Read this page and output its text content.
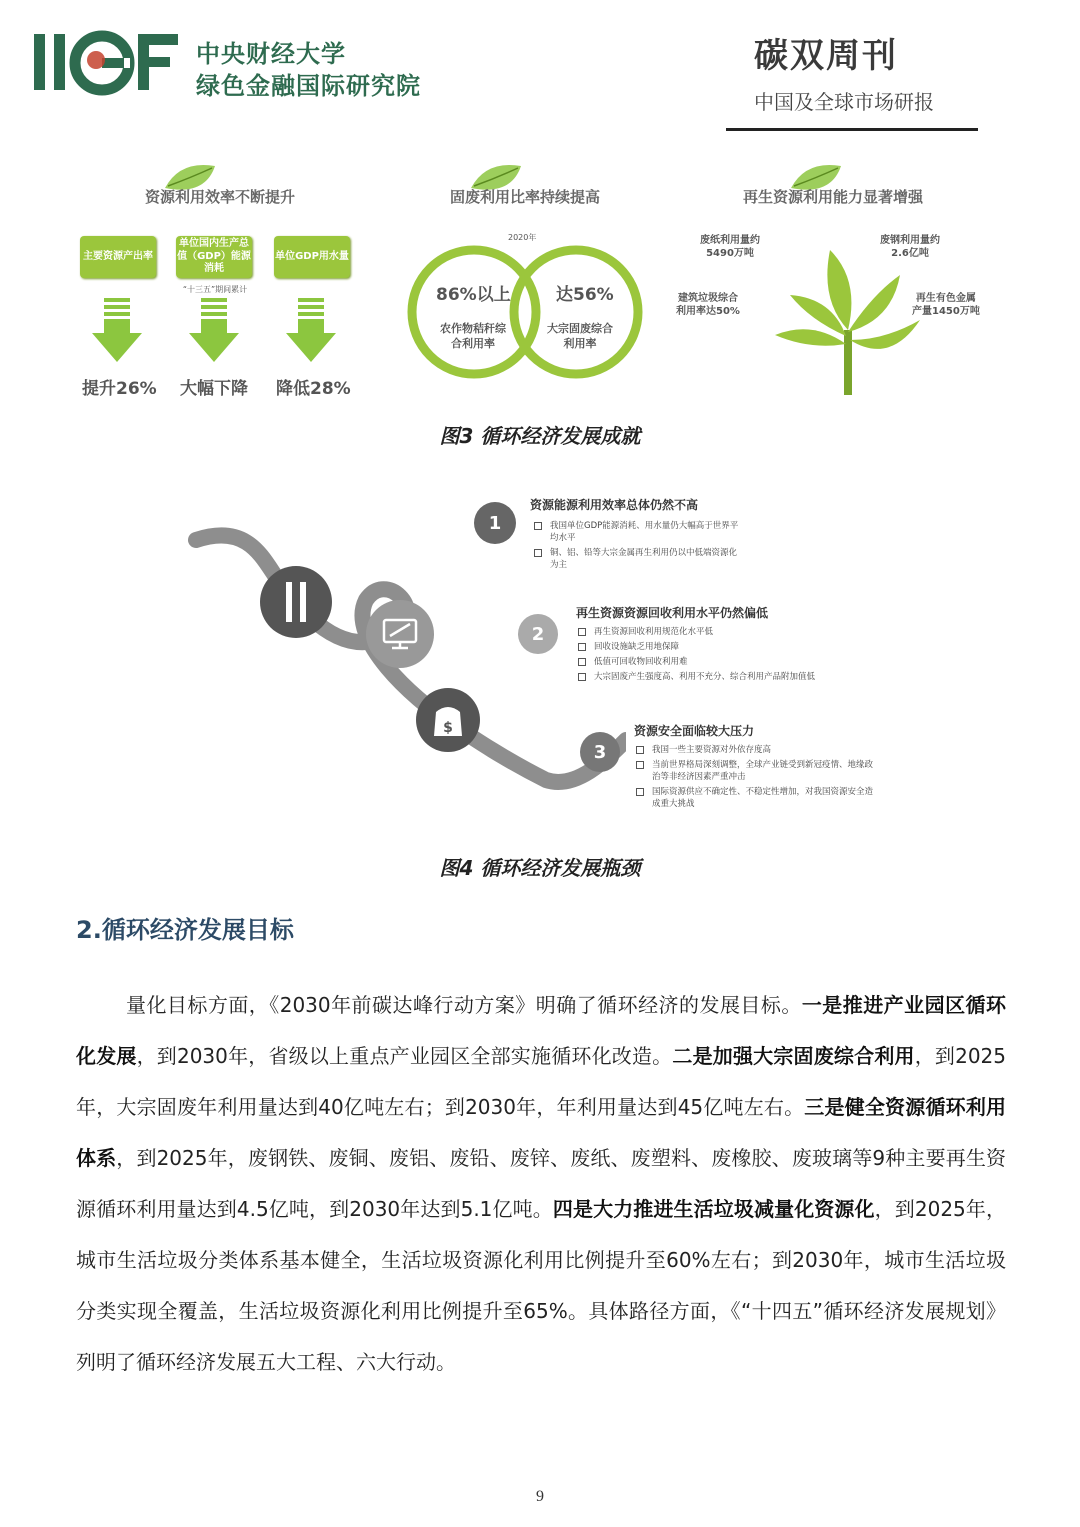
IIGF
中央财经大学
绿色金融国际研究院
碳双周刊
中国及全球市场研报
资源利用效率不断提升
主要资源产出率
单位国内生产总值（GDP）能源消耗
单位GDP用水量
“十三五”期间累计
提升26% 大幅下降 降低28%
固废利用比率持续提高
2020年
86%以上
农作物秸秆综
合利用率
达56%
大宗固废综合
利用率
再生资源利用能力显著增强
废纸利用量约
5490万吨
废钢利用量约
2.6亿吨
建筑垃圾综合
利用率达50%
再生有色金属
产量1450万吨
图3 循环经济发展成就
$
1
资源能源利用效率总体仍然不高
我国单位GDP能源消耗、用水量仍大幅高于世界平均水平
铜、铝、铅等大宗金属再生利用仍以中低端资源化为主
2
再生资源资源回收利用水平仍然偏低
再生资源回收利用规范化水平低
回收设施缺乏用地保障
低值可回收物回收利用难
大宗固废产生强度高、利用不充分、综合利用产品附加值低
3
资源安全面临较大压力
我国一些主要资源对外依存度高
当前世界格局深刻调整，全球产业链受到新冠疫情、地缘政治等非经济因素严重冲击
国际资源供应不确定性、不稳定性增加，对我国资源安全造成重大挑战
图4 循环经济发展瓶颈
2.循环经济发展目标
量化目标方面，《2030年前碳达峰行动方案》明确了循环经济的发展目标。一是推进产业园区循环化发展，到2030年，省级以上重点产业园区全部实施循环化改造。二是加强大宗固废综合利用，到2025年，大宗固废年利用量达到40亿吨左右；到2030年，年利用量达到45亿吨左右。三是健全资源循环利用体系，到2025年，废钢铁、废铜、废铝、废铅、废锌、废纸、废塑料、废橡胶、废玻璃等9种主要再生资源循环利用量达到4.5亿吨，到2030年达到5.1亿吨。四是大力推进生活垃圾减量化资源化，到2025年，城市生活垃圾分类体系基本健全，生活垃圾资源化利用比例提升至60%左右；到2030年，城市生活垃圾分类实现全覆盖，生活垃圾资源化利用比例提升至65%。具体路径方面，《“十四五”循环经济发展规划》列明了循环经济发展五大工程、六大行动。
9
